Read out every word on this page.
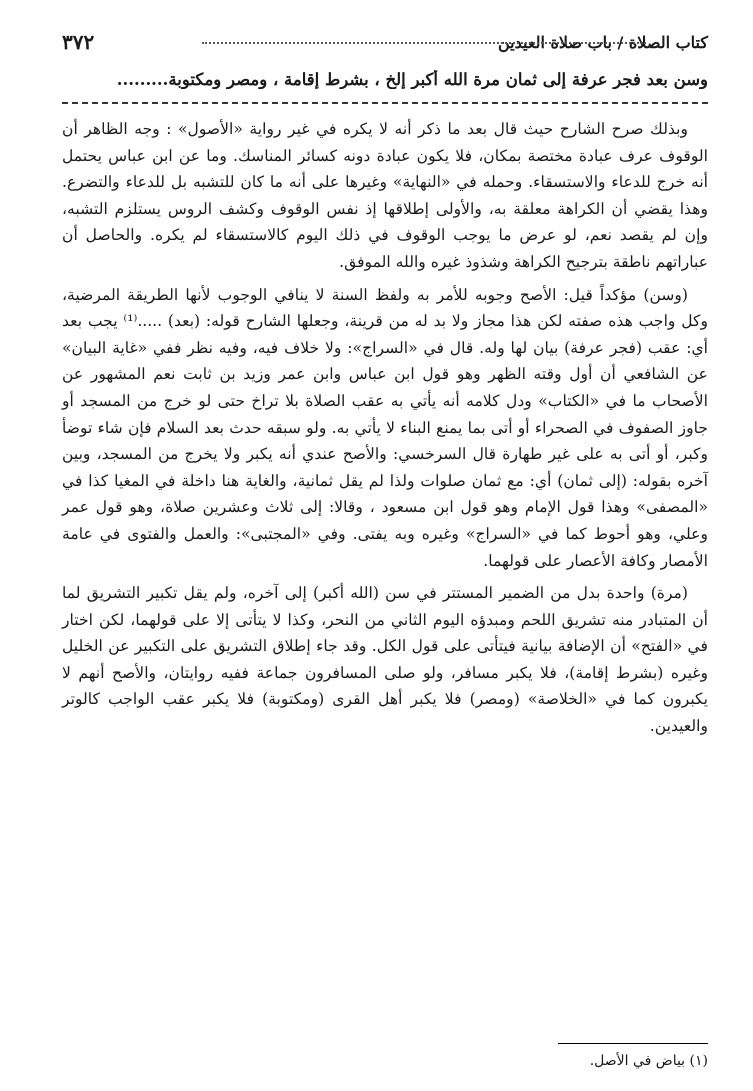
كتاب الصلاة / باب صلاة العيدين
٣٧٢
وسن بعد فجر عرفة إلى ثمان مرة الله أكبر إلخ ، بشرط إقامة ، ومصر ومكتوبة.........

وبذلك صرح الشارح حيث قال بعد ما ذكر أنه لا يكره في غير رواية «الأصول» : وجه الظاهر أن الوقوف عرف عبادة مختصة بمكان، فلا يكون عبادة دونه كسائر المناسك. وما عن ابن عباس يحتمل أنه خرج للدعاء والاستسقاء. وحمله في «النهاية» وغيرها على أنه ما كان للتشبه بل للدعاء والتضرع. وهذا يقضي أن الكراهة معلقة به، والأولى إطلاقها إذ نفس الوقوف وكشف الروس يستلزم التشبه، وإن لم يقصد نعم، لو عرض ما يوجب الوقوف في ذلك اليوم كالاستسقاء لم يكره. والحاصل أن عباراتهم ناطقة بترجيح الكراهة وشذوذ غيره والله الموفق.

(وسن) مؤكداً قيل: الأصح وجوبه للأمر به ولفظ السنة لا ينافي الوجوب لأنها الطريقة المرضية، وكل واجب هذه صفته لكن هذا مجاز ولا بد له من قرينة، وجعلها الشارح قوله: (بعد) .....⁽¹⁾ يجب بعد أي: عقب (فجر عرفة) بيان لها وله. قال في «السراج»: ولا خلاف فيه، وفيه نظر ففي «غاية البيان» عن الشافعي أن أول وقته الظهر وهو قول ابن عباس وابن عمر وزيد بن ثابت نعم المشهور عن الأصحاب ما في «الكتاب» ودل كلامه أنه يأتي به عقب الصلاة بلا تراخ حتى لو خرج من المسجد أو جاوز الصفوف في الصحراء أو أتى بما يمنع البناء لا يأتي به. ولو سبقه حدث بعد السلام فإن شاء توضأ وكبر، أو أتى به على غير طهارة قال السرخسي: والأصح عندي أنه يكبر ولا يخرج من المسجد، وبين آخره بقوله: (إلى ثمان) أي: مع ثمان صلوات ولذا لم يقل ثمانية، والغاية هنا داخلة في المغيا كذا في «المصفى» وهذا قول الإمام وهو قول ابن مسعود ، وقالا: إلى ثلاث وعشرين صلاة، وهو قول عمر وعلي، وهو أحوط كما في «السراج» وغيره وبه يفتى. وفي «المجتبى»: والعمل والفتوى في عامة الأمصار وكافة الأعصار على قولهما.

(مرة) واحدة بدل من الضمير المستتر في سن (الله أكبر) إلى آخره، ولم يقل تكبير التشريق لما أن المتبادر منه تشريق اللحم ومبدؤه اليوم الثاني من النحر، وكذا لا يتأتى إلا على قولهما، لكن اختار في «الفتح» أن الإضافة بيانية فيتأتى على قول الكل. وقد جاء إطلاق التشريق على التكبير عن الخليل وغيره (بشرط إقامة)، فلا يكبر مسافر، ولو صلى المسافرون جماعة ففيه روايتان، والأصح أنهم لا يكبرون كما في «الخلاصة» (ومصر) فلا يكبر أهل القرى (ومكتوبة) فلا يكبر عقب الواجب كالوتر والعيدين.

(١) بياض في الأصل.
